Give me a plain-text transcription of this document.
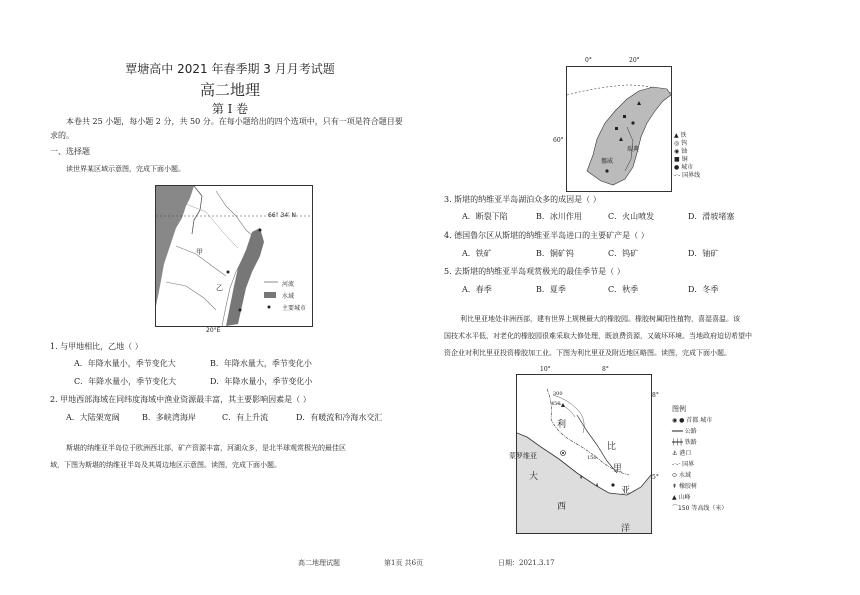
覃塘高中 2021 年春季期 3 月月考试题
高二地理
第 I 卷
本卷共 25 小题，每小题 2 分，共 50 分。在每小题给出的四个选项中，只有一项是符合题目要
求的。
一、选择题
读世界某区域示意图，完成下面小题。
甲
乙
66° 34′ N
河流
水域
主要城市
20°E
1. 与甲地相比，乙地（ ）
A．年降水量小，季节变化大	B．年降水量大，季节变化小
C．年降水量小，季节变化大	D．年降水量小，季节变化小
2. 甲地西部海域在同纬度海域中渔业资源最丰富，其主要影响因素是（ ）
A．大陆架宽阔	B．多峡湾海岸	C．有上升流	D．有暖流和冷海水交汇
斯堪的纳维亚半岛位于欧洲西北部，矿产资源丰富，河湖众多，是北半球观赏极光的最佳区
域，下图为斯堪的纳维亚半岛及其周边地区示意图。读图，完成下面小题。
挪威
瑞典
0°	20°
60°
▲ 铁
◎ 钨
◉ 铀
■ 铜
● 城市
-·- 国界线
3. 斯堪的纳维亚半岛湖泊众多的成因是（ ）
A．断裂下陷	B．冰川作用	C．火山喷发	D．滑坡堵塞
4. 德国鲁尔区从斯堪的纳维亚半岛进口的主要矿产是（ ）
A．铁矿	B．铜矿钨	C．钨矿	D．铀矿
5. 去斯堪的纳维亚半岛观赏极光的最佳季节是（ ）
A．春季	B．夏季	C．秋季	D．冬季
利比里亚地处非洲西部，建有世界上规模最大的橡胶园。橡胶树属阳性植物，喜湿喜温。该
国技术水平低，对老化的橡胶园很难采取大修处理，既浪费资源，又破坏环境。当地政府迫切希望中
资企业对利比里亚投资橡胶加工业。下图为利比里亚及附近地区略图。读图，完成下面小题。
⇞
⇞
蒙罗维亚
300
450
150
利
比
里
亚
大
西
洋
10°	8°
8°
5°
图例
◉ ● 首都 城市
═══ 公路
┿┿┿ 铁路
⚓ 港口
-·-· 国界
⬭ 水域
⇞ 橡胶树
▲ 山峰
⌒150 等高线（米）
高二地理试题	第1页 共6页	日期：2021.3.17
